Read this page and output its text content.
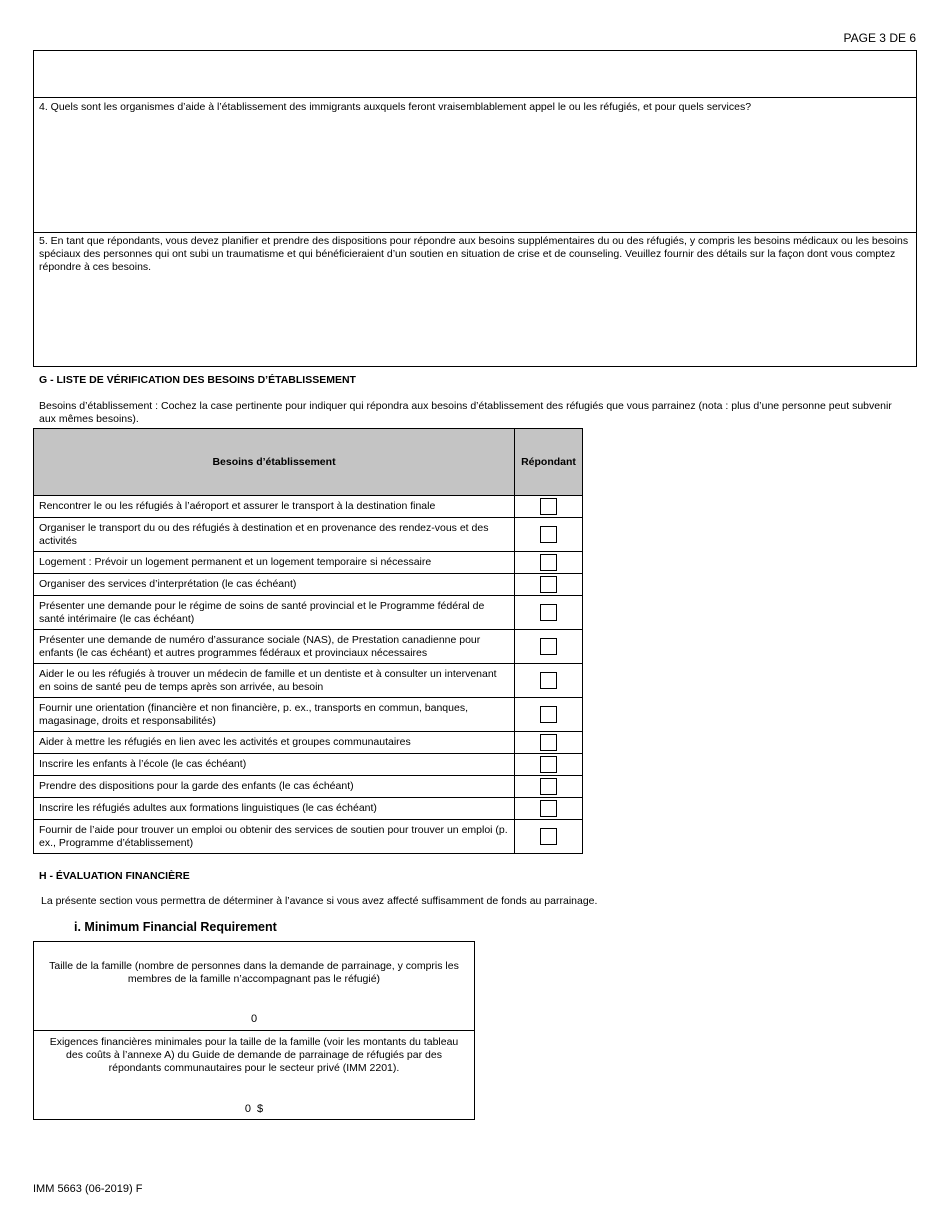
PAGE 3 DE 6
4. Quels sont les organismes d’aide à l’établissement des immigrants auxquels feront vraisemblablement appel le ou les réfugiés, et pour quels services?
5. En tant que répondants, vous devez planifier et prendre des dispositions pour répondre aux besoins supplémentaires du ou des réfugiés, y compris les besoins médicaux ou les besoins spéciaux des personnes qui ont subi un traumatisme et qui bénéficieraient d’un soutien en situation de crise et de counseling. Veuillez fournir des détails sur la façon dont vous comptez répondre à ces besoins.
G - LISTE DE VÉRIFICATION DES BESOINS D’ÉTABLISSEMENT
Besoins d’établissement : Cochez la case pertinente pour indiquer qui répondra aux besoins d’établissement des réfugiés que vous parrainez (nota : plus d’une personne peut subvenir aux mêmes besoins).
Besoins d’établissement	Répondant
Rencontrer le ou les réfugiés à l’aéroport et assurer le transport à la destination finale	
Organiser le transport du ou des réfugiés à destination et en provenance des rendez-vous et des activités	
Logement : Prévoir un logement permanent et un logement temporaire si nécessaire	
Organiser des services d’interprétation (le cas échéant)	
Présenter une demande pour le régime de soins de santé provincial et le Programme fédéral de santé intérimaire (le cas échéant)	
Présenter une demande de numéro d’assurance sociale (NAS), de Prestation canadienne pour enfants (le cas échéant) et autres programmes fédéraux et provinciaux nécessaires	
Aider le ou les réfugiés à trouver un médecin de famille et un dentiste et à consulter un intervenant en soins de santé peu de temps après son arrivée, au besoin	
Fournir une orientation (financière et non financière, p. ex., transports en commun, banques, magasinage, droits et responsabilités)	
Aider à mettre les réfugiés en lien avec les activités et groupes communautaires	
Inscrire les enfants à l’école (le cas échéant)	
Prendre des dispositions pour la garde des enfants (le cas échéant)	
Inscrire les réfugiés adultes aux formations linguistiques (le cas échéant)	
Fournir de l’aide pour trouver un emploi ou obtenir des services de soutien pour trouver un emploi (p. ex., Programme d’établissement)	
H - ÉVALUATION FINANCIÈRE
La présente section vous permettra de déterminer à l’avance si vous avez affecté suffisamment de fonds au parrainage.
i. Minimum Financial Requirement
Taille de la famille (nombre de personnes dans la demande de parrainage, y compris les membres de la famille n’accompagnant pas le réfugié)
0
Exigences financières minimales pour la taille de la famille (voir les montants du tableau des coûts à l’annexe A) du Guide de demande de parrainage de réfugiés par des répondants communautaires pour le secteur privé (IMM 2201).
0  $
IMM 5663 (06-2019) F
